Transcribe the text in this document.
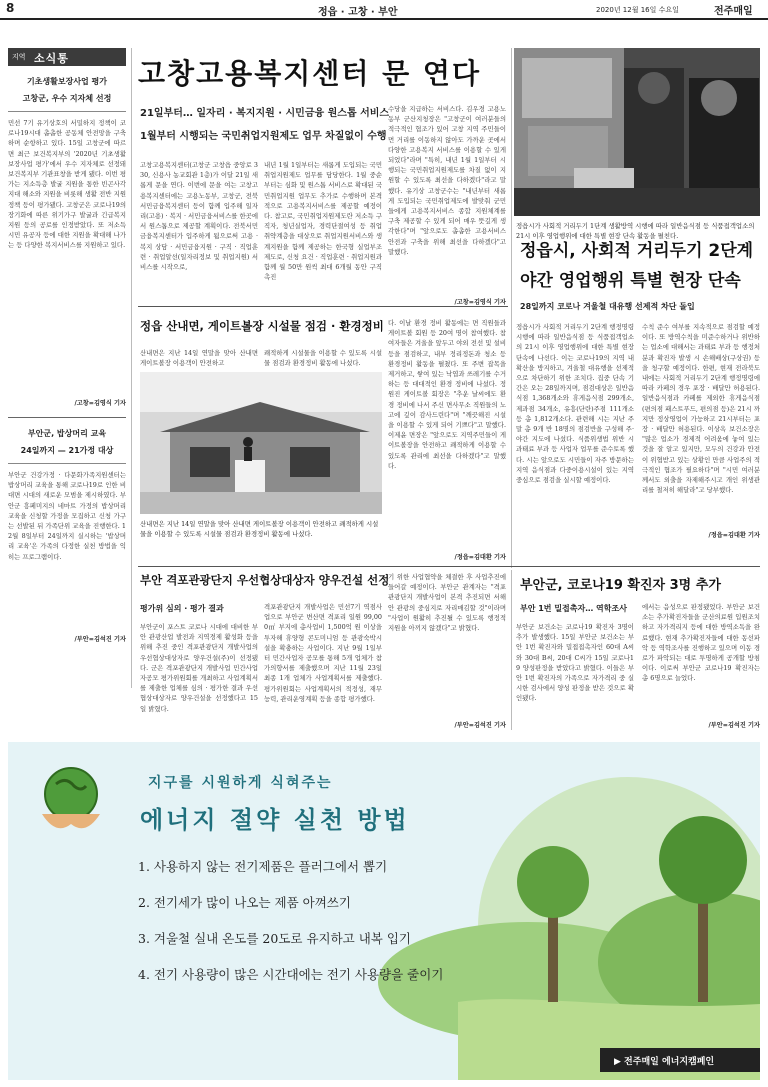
8	정읍 · 고창 · 부안	2020년 12월 16일 수요일	전주매일
지역 소식통
기초생활보장사업 평가
고창군, 우수 지자체 선정
민선 7기 유기상호의 서밀하지 정책이 코로나19시대 촘촘한 공동체 안전망을 구축하며 순항하고 있다. 15일 고창군에 따르면 최근 보건복지부의 '2020년 기초생활보장사업 평가'에서 우수 지자체로 선정돼 보건복지부 기관표창을 받게 됐다. 이번 평가는 지소득층 발굴 지원을 통한 빈곤사각지대 해소와 지원을 비롯해 생활 전반 지원 정책 등이 평가됐다. 고창군은 코로나19의 장기화에 따른 위기가구 발굴과 긴급복지 지원 등의 공로를 인정받았다. 또 저소득 시민 유공자 등에 대한 지원을 확대해 나가는 등 다양한 복지서비스를 지원하고 있다.
/고창=김영식 기자
부안군, 밥상머리 교육
24일까지 — 21가정 대상
부안군 건강가정 · 다문화가족지원센터는 밥상머리 교육을 통해 코로나19로 인한 비대면 시대의 새로운 모범을 제시하였다. 부안군 흥페미지의 네마트 가정의 밥상머리 교육을 신청할 가정을 모집하고 신청 가구는 선발된 뒤 가족단위 교육을 진행한다. 12월 8일부터 24일까지 실시하는 '밥상머리 교육'은 가족의 다정한 실천 방법을 익히는 프로그램이다.
/부안=김석진 기자
고창고용복지센터 문 연다
21일부터… 일자리 · 복지지원 · 시민금융 원스톱 서비스
1월부터 시행되는 국민취업지원제도 업무 차질없이 수행
고창고용복지센터(고창군 고창읍 중앙로 330, 신용사 농교회관 1층)가 이달 21일 새롭게 문을 연다. 이번에 문을 여는 고창고용복지센터에는 고용노동부, 고창군, 전북서민금융복지센터 등이 함께 입주해 일자리(고용) · 복지 · 서민금융서비스를 한곳에서 원스톱으로 제공할 계획이다. 전북서민금융복지센터가 입주하게 됨으로써 고용 · 복지 상담 · 서민금융지원 · 구직 · 직업훈련 · 취업알선(일자리정보 및 취업지원) 서비스를 시작으로,
내년 1월 1일부터는 새롭게 도입되는 국민취업지원제도 업무를 담당한다. 1월 중순부터는 심화 및 원스톱 서비스로 확대된 국민취업지원 업무도 추가로 수행하며 본격적으로 고용복지서비스를 제공할 예정이다. 참고로, 국민취업지원제도란 저소득 구직자, 청년실업자, 경력단절여성 등 취업 취약계층을 대상으로 취업지원서비스와 생계지원을 함께 제공하는 한국형 실업부조 제도로, 신청 요건 · 직업훈련 · 취업지원과 함께 월 50만 원씩 최대 6개월 동안 구직촉진
수당을 지급하는 서비스다. 김우경 고용노동부 군산지청장은 "고창군이 여러분들의 적극적인 협조가 있어 고창 지역 주민들이 먼 거리를 이동하지 않아도 가까운 곳에서 다양한 고용복지 서비스를 이용할 수 있게 되었다"라며 "특히, 내년 1월 1일부터 시행되는 국민취업지원제도를 차질 없이 지원할 수 있도록 최선을 다하겠다"라고 말했다. 유기상 고창군수는 "내년부터 새롭게 도입되는 국민취업제도에 발맞춰 군민들에게 고용복지서비스 종합 지원체계를 구축 제공할 수 있게 되어 매우 뜻깊게 생각한다"며 "앞으로도 촘촘한 고용서비스 안전과 구축을 위해 최선을 다하겠다"고 말했다.
/고창=김영식 기자
정읍시가 사회적 거리두기 1단계 생활방역 시행에 따라 일반음식점 등 식품접객업소의 21시 이후 영업행위에 대한 특별 현장 단속 활동을 펼친다.
정읍시, 사회적 거리두기 2단계
야간 영업행위 특별 현장 단속
28일까지 코로나 겨울철 대유행 선제적 차단 돌입
정읍시가 사회적 거리두기 2단계 행정명령 시행에 따라 일반음식점 등 식품접객업소의 21시 이후 영업행위에 대한 특별 현장 단속에 나선다. 이는 코로나19의 지역 내 확산을 방지하고, 겨울철 대유행을 선제적으로 차단하기 위한 조치다. 집중 단속 기간은 오는 28일까지며, 점검대상은 일반음식점 1,368개소와 휴게음식점 299개소, 제과점 34개소, 유흥(단란)주점 111개소 등 총 1,812개소다. 관련해 시는 지난 주말 총 9개 반 18명의 점검반을 구성해 주·야간 지도에 나섰다. 식품위생법 위반 시 과태료 부과 등 사업자 업무를 준수토록 했다. 시는 앞으로도 시민들이 자주 방문하는 지역 음식점과 다중이용시설이 있는 지역 중심으로 점검을 실시할 예정이다.
수칙 준수 여부를 지속적으로 점검할 예정이다. 또 방역수칙을 미준수하거나 위반하는 업소에 대해서는 과태료 부과 등 행정처분과 확진자 발생 시 손해배상(구상권) 등을 청구할 예정이다. 한편, 현재 전라북도 내에는 사회적 거리두기 2단계 행정명령에 따라 카페의 경우 포장 · 배달만 허용된다. 일반음식점과 카페를 제외한 휴게음식점(편의점 패스트푸드, 편의점 등)은 21시 까지만 정상영업이 가능하고 21시부터는 포장 · 배달만 허용된다. 이상옥 보건소장은 "많은 업소가 경제적 어려움에 놓여 있는 것을 잘 알고 있지만, 모두의 건강과 안전이 위협받고 있는 상황인 만큼 사업주의 적극적인 협조가 필요하다"며 "시민 여러분께서도 외출을 자제해주시고 개인 위생관리를 철저히 해달라"고 당부했다.
/정읍=김대환 기자
정읍 산내면, 게이트볼장 시설물 점검 · 환경정비
산내면은 지난 14일 연말을 맞아 산내면 게이트볼장 이용객이 안전하고
쾌적하게 시설물을 이용할 수 있도록 시설물 점검과 환경정비 활동에 나섰다.
산내면은 지난 14일 연말을 맞아 산내면 게이트볼장 이용객이 안전하고 쾌적하게 시설물을 이용할 수 있도록 시설물 점검과 환경정비 활동에 나섰다.
다. 이날 환경 정비 활동에는 면 직원들과 게이트볼 회원 등 20여 명이 참여했다. 참여자들은 겨울을 앞두고 야외 전선 및 설비 등을 점검하고, 내부 정리정돈과 청소 등 환경정비 활동을 펼쳤다. 또 주변 잡목을 제거하고, 쌓여 있는 낙엽과 쓰레기를 수거하는 등 대대적인 환경 정비에 나섰다. 정원진 게이트볼 회장은 "추운 날씨에도 환경 정비에 나서 주신 면사무소 직원들의 노고에 깊이 감사드린다"며 "깨끗해진 시설을 이용할 수 있게 되어 기쁘다"고 말했다. 이제윤 면장은 "앞으로도 지역주민들이 게이트볼장을 안전하고 쾌적하게 이용할 수 있도록 관리에 최선을 다하겠다"고 말했다.
/정읍=김대환 기자
부안 격포관광단지 우선협상대상자 양우건설 선정
평가위 심의 · 평가 결과
부안군이 포스트 코로나 시대에 대비한 부안 관광산업 발전과 지역경제 활성화 등을 위해 추진 중인 격포관광단지 개발사업의 우선협상대상자로 양우건설(주)이 선정됐다. 군은 격포관광단지 개발사업 민간사업자공모 평가위원회를 개최하고 사업계획서를 제출한 업체를 심의 · 평가한 결과 우선협상대상자로 양우건설을 선정했다고 15일 밝혔다.
격포관광단지 개발사업은 민선7기 역점사업으로 부안군 변산면 격포리 일원 99,000㎡ 부지에 총사업비 1,500억 원 이상을 투자해 휴양형 콘도미니엄 등 관광숙박시설을 확충하는 사업이다. 지난 9월 1일부터 민간사업자 공모를 통해 5개 업체가 참가의향서를 제출했으며 지난 11월 23일 최종 1개 업체가 사업계획서를 제출했다. 평가위원회는 사업계획서의 적정성, 재무능력, 관리운영계획 등을 종합 평가했다.
기 위한 사업협약을 체결한 후 사업추진에 들어갈 예정이다. 부안군 관계자는 "격포관광단지 개발사업이 본격 추진되면 서해안 관광의 중심지로 자리매김할 것"이라며 "사업이 원활히 추진될 수 있도록 행정적 지원을 아끼지 않겠다"고 밝혔다.
/부안=김석진 기자
부안군, 코로나19 확진자 3명 추가
부안 1번 밀접촉자… 역학조사
부안군 보건소는 코로나19 확진자 3명이 추가 발생했다. 15일 부안군 보건소는 부안 1번 확진자와 밀접접촉자인 60대 A씨와 30대 B씨, 20대 C씨가 15일 코로나19 양성판정을 받았다고 밝혔다. 이들은 부안 1번 확진자의 가족으로 자가격리 중 실시한 검사에서 양성 판정을 받은 것으로 확인됐다.
에서는 음성으로 판정됐었다. 부안군 보건소는 추가확진자들을 군산의료원 입원조치 하고 자가격리지 등에 대한 방역소독을 완료했다. 현재 추가확진자들에 대한 동선파악 등 역학조사를 진행하고 있으며 이동 경로가 파악되는 대로 투명하게 공개할 방침이다. 이로써 부안군 코로나19 확진자는 총 6명으로 늘었다.
/부안=김석진 기자
지구를 시원하게 식혀주는
에너지 절약 실천 방법
1. 사용하지 않는 전기제품은 플러그에서 뽑기
2. 전기세가 많이 나오는 제품 아껴쓰기
3. 겨울철 실내 온도를 20도로 유지하고 내복 입기
4. 전기 사용량이 많은 시간대에는 전기 사용량을 줄이기
▶ 전주매일 에너지캠페인
